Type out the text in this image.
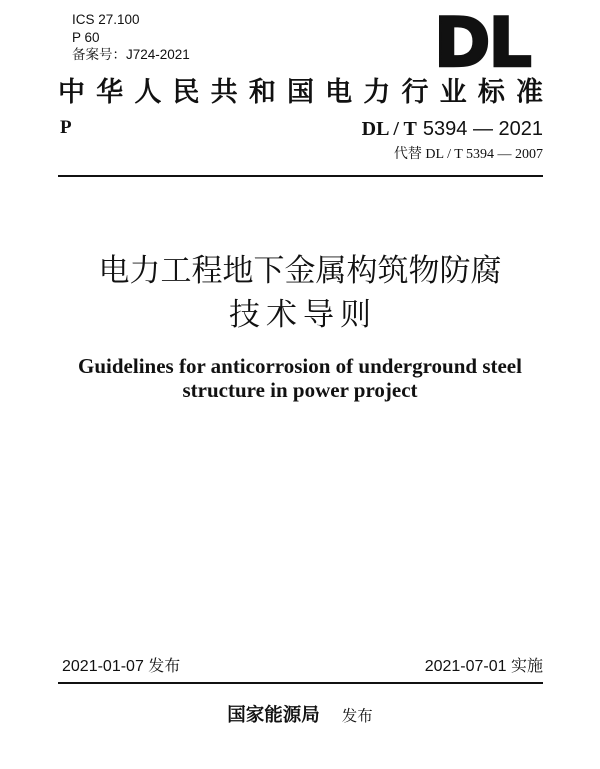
ICS 27.100
P 60
备案号：J724-2021	DL
中华人民共和国电力行业标准
P	DL / T 5394 — 2021
代替 DL / T 5394 — 2007
电力工程地下金属构筑物防腐
技术导则
Guidelines for anticorrosion of underground steel
structure in power project
2021-01-07 发布	2021-07-01 实施
国家能源局 发布
